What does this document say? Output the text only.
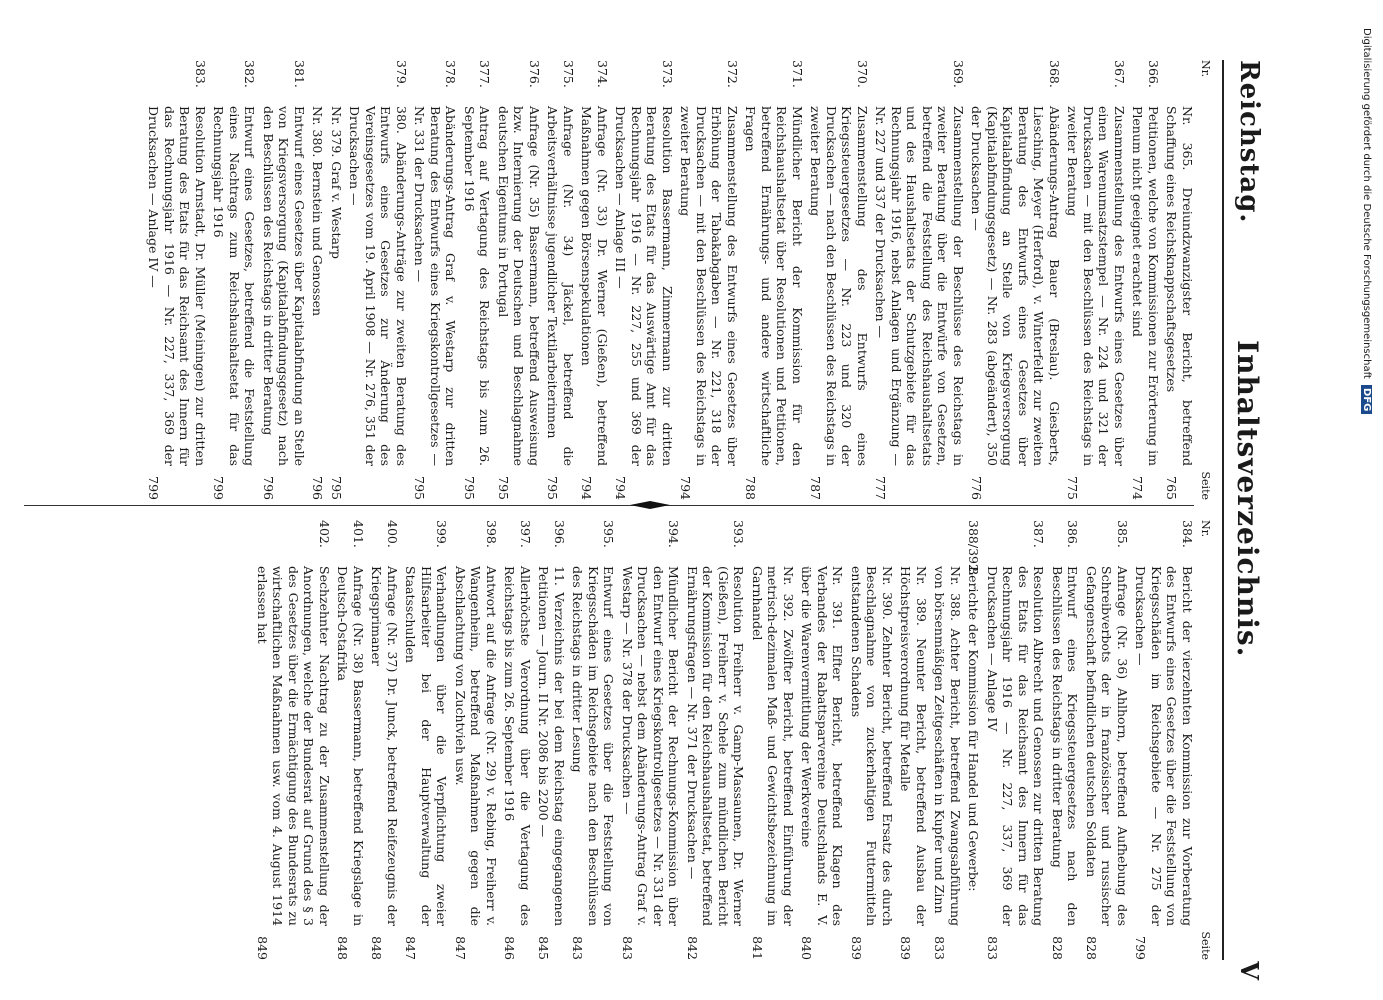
Reichstag.
Inhaltsverzeichnis.
V
Nr.
Seite
Nr. 365. Dreiundzwanzigster Bericht, betreffend Schaffung eines Reichsknappschaftsgesetzes
765
366.
Petitionen, welche von Kommissionen zur Erörterung im Plenum nicht geeignet erachtet sind
774
367.
Zusammenstellung des Entwurfs eines Gesetzes über einen Warenumsatzstempel — Nr. 224 und 321 der Drucksachen — mit den Beschlüssen des Reichstags in zweiter Beratung
775
368.
Abänderungs-Antrag Bauer (Breslau). Giesberts, Liesching, Meyer (Herford), v. Winterfeldt zur zweiten Beratung des Entwurfs eines Gesetzes über Kapitalabfindung an Stelle von Kriegsversorgung (Kapitalabfindungsgesetz) — Nr. 283 (abgeändert), 350 der Drucksachen —
776
369.
Zusammenstellung der Beschlüsse des Reichstags in zweiter Beratung über die Entwürfe von Gesetzen, betreffend die Feststellung des Reichshaushaltsetats und des Haushaltsetats der Schutzgebiete für das Rechnungsjahr 1916, nebst Anlagen und Ergänzung — Nr. 227 und 337 der Drucksachen —
777
370.
Zusammenstellung des Entwurfs eines Kriegssteuergesetzes — Nr. 223 und 320 der Drucksachen — nach den Beschlüssen des Reichstags in zweiter Beratung
787
371.
Mündlicher Bericht der Kommission für den Reichshaushaltsetat über Resolutionen und Petitionen, betreffend Ernährungs- und andere wirtschaftliche Fragen
788
372.
Zusammenstellung des Entwurfs eines Gesetzes über Erhöhung der Tabakabgaben — Nr. 221, 318 der Drucksachen — mit den Beschlüssen des Reichstags in zweiter Beratung
794
373.
Resolution Bassermann, Zimmermann zur dritten Beratung des Etats für das Auswärtige Amt für das Rechnungsjahr 1916 — Nr. 227, 255 und 369 der Drucksachen — Anlage III —
794
374.
Anfrage (Nr. 33) Dr. Werner (Gießen), betreffend Maßnahmen gegen Börsenspekulationen
794
375.
Anfrage (Nr. 34) Jäckel, betreffend die Arbeitsverhältnisse jugendlicher Textilarbeiterinnen
795
376.
Anfrage (Nr. 35) Bassermann, betreffend Ausweisung bzw. Internierung der Deutschen und Beschlagnahme deutschen Eigentums in Portugal
795
377.
Antrag auf Vertagung des Reichstags bis zum 26. September 1916
795
378.
Abänderungs-Antrag Graf v. Westarp zur dritten Beratung des Entwurfs eines Kriegskontrollgesetzes — Nr. 331 der Drucksachen —
795
379.
380. Abänderungs-Anträge zur zweiten Beratung des Entwurfs eines Gesetzes zur Änderung des Vereinsgesetzes vom 19. April 1908 — Nr. 276, 351 der Drucksachen —
Nr. 379. Graf v. Westarp
795
Nr. 380. Bernstein und Genossen
796
381.
Entwurf eines Gesetzes über Kapitalabfindung an Stelle von Kriegsversorgung (Kapitalabfindungsgesetz) nach den Beschlüssen des Reichstags in dritter Beratung
796
382.
Entwurf eines Gesetzes, betreffend die Feststellung eines Nachtrags zum Reichshaushaltsetat für das Rechnungsjahr 1916
799
383.
Resolution Arnstadt, Dr. Müller (Meiningen) zur dritten Beratung des Etats für das Reichsamt des Innern für das Rechnungsjahr 1916 — Nr. 227, 337, 369 der Drucksachen — Anlage IV —
799
Nr.
Seite
384.
Bericht der vierzehnten Kommission zur Vorberatung des Entwurfs eines Gesetzes über die Feststellung von Kriegsschäden im Reichsgebiete — Nr. 275 der Drucksachen —
799
385.
Anfrage (Nr. 36) Ahlhorn, betreffend Aufhebung des Schreibverbots der in französischer und russischer Gefangenschaft befindlichen deutschen Soldaten
828
386.
Entwurf eines Kriegssteuergesetzes nach den Beschlüssen des Reichstags in dritter Beratung
828
387.
Resolution Albrecht und Genossen zur dritten Beratung des Etats für das Reichsamt des Innern für das Rechnungsjahr 1916 — Nr. 227, 337, 369 der Drucksachen — Anlage IV
833
388/392.
Berichte der Kommission für Handel und Gewerbe:
Nr. 388. Achter Bericht, betreffend Zwangsabführung von börsenmäßigen Zeitgeschäften in Kupfer und Zinn
833
Nr. 389. Neunter Bericht, betreffend Ausbau der Höchstpreisverordnung für Metalle
839
Nr. 390. Zehnter Bericht, betreffend Ersatz des durch Beschlagnahme von zuckerhaltigen Futtermitteln entstandenen Schadens
839
Nr. 391. Elfter Bericht, betreffend Klagen des Verbandes der Rabattsparvereine Deutschlands E. V. über die Warenvermittlung der Werkvereine
840
Nr. 392. Zwölfter Bericht, betreffend Einführung der metrisch-dezimalen Maß- und Gewichtsbezeichnung im Garnhandel
841
393.
Resolution Freiherr v. Gamp-Massaunen, Dr. Werner (Gießen), Freiherr v. Schele zum mündlichen Bericht der Kommission für den Reichshaushaltsetat, betreffend Ernährungsfragen — Nr. 371 der Drucksachen —
842
394.
Mündlicher Bericht der Rechnungs-Kommission über den Entwurf eines Kriegskontrollgesetzes — Nr. 331 der Drucksachen — nebst dem Abänderungs-Antrag Graf v. Westarp — Nr. 378 der Drucksachen —
843
395.
Entwurf eines Gesetzes über die Feststellung von Kriegsschäden im Reichsgebiete nach den Beschlüssen des Reichstags in dritter Lesung
843
396.
11. Verzeichnis der bei dem Reichstag eingegangenen Petitionen — Journ. II Nr. 2086 bis 2200 —
845
397.
Allerhöchste Verordnung über die Vertagung des Reichstags bis zum 26. September 1916
846
398.
Antwort auf die Anfrage (Nr. 29) v. Rebing, Freiherr v. Wangenheim, betreffend Maßnahmen gegen die Abschlachtung von Zuchtvieh usw.
847
399.
Verhandlungen über die Verpflichtung zweier Hilfsarbeiter bei der Hauptverwaltung der Staatsschulden
847
400.
Anfrage (Nr. 37) Dr. Junck, betreffend Reifezeugnis der Kriegsprimaner
848
401.
Anfrage (Nr. 38) Bassermann, betreffend Kriegslage in Deutsch-Ostafrika
848
402.
Sechzehnter Nachtrag zu der Zusammenstellung der Anordnungen, welche der Bundesrat auf Grund des § 3 des Gesetzes über die Ermächtigung des Bundesrats zu wirtschaftlichen Maßnahmen usw. vom 4. August 1914 erlassen hat
849
Digitalisierung gefördert durch die Deutsche Forschungsgemeinschaft DFG
